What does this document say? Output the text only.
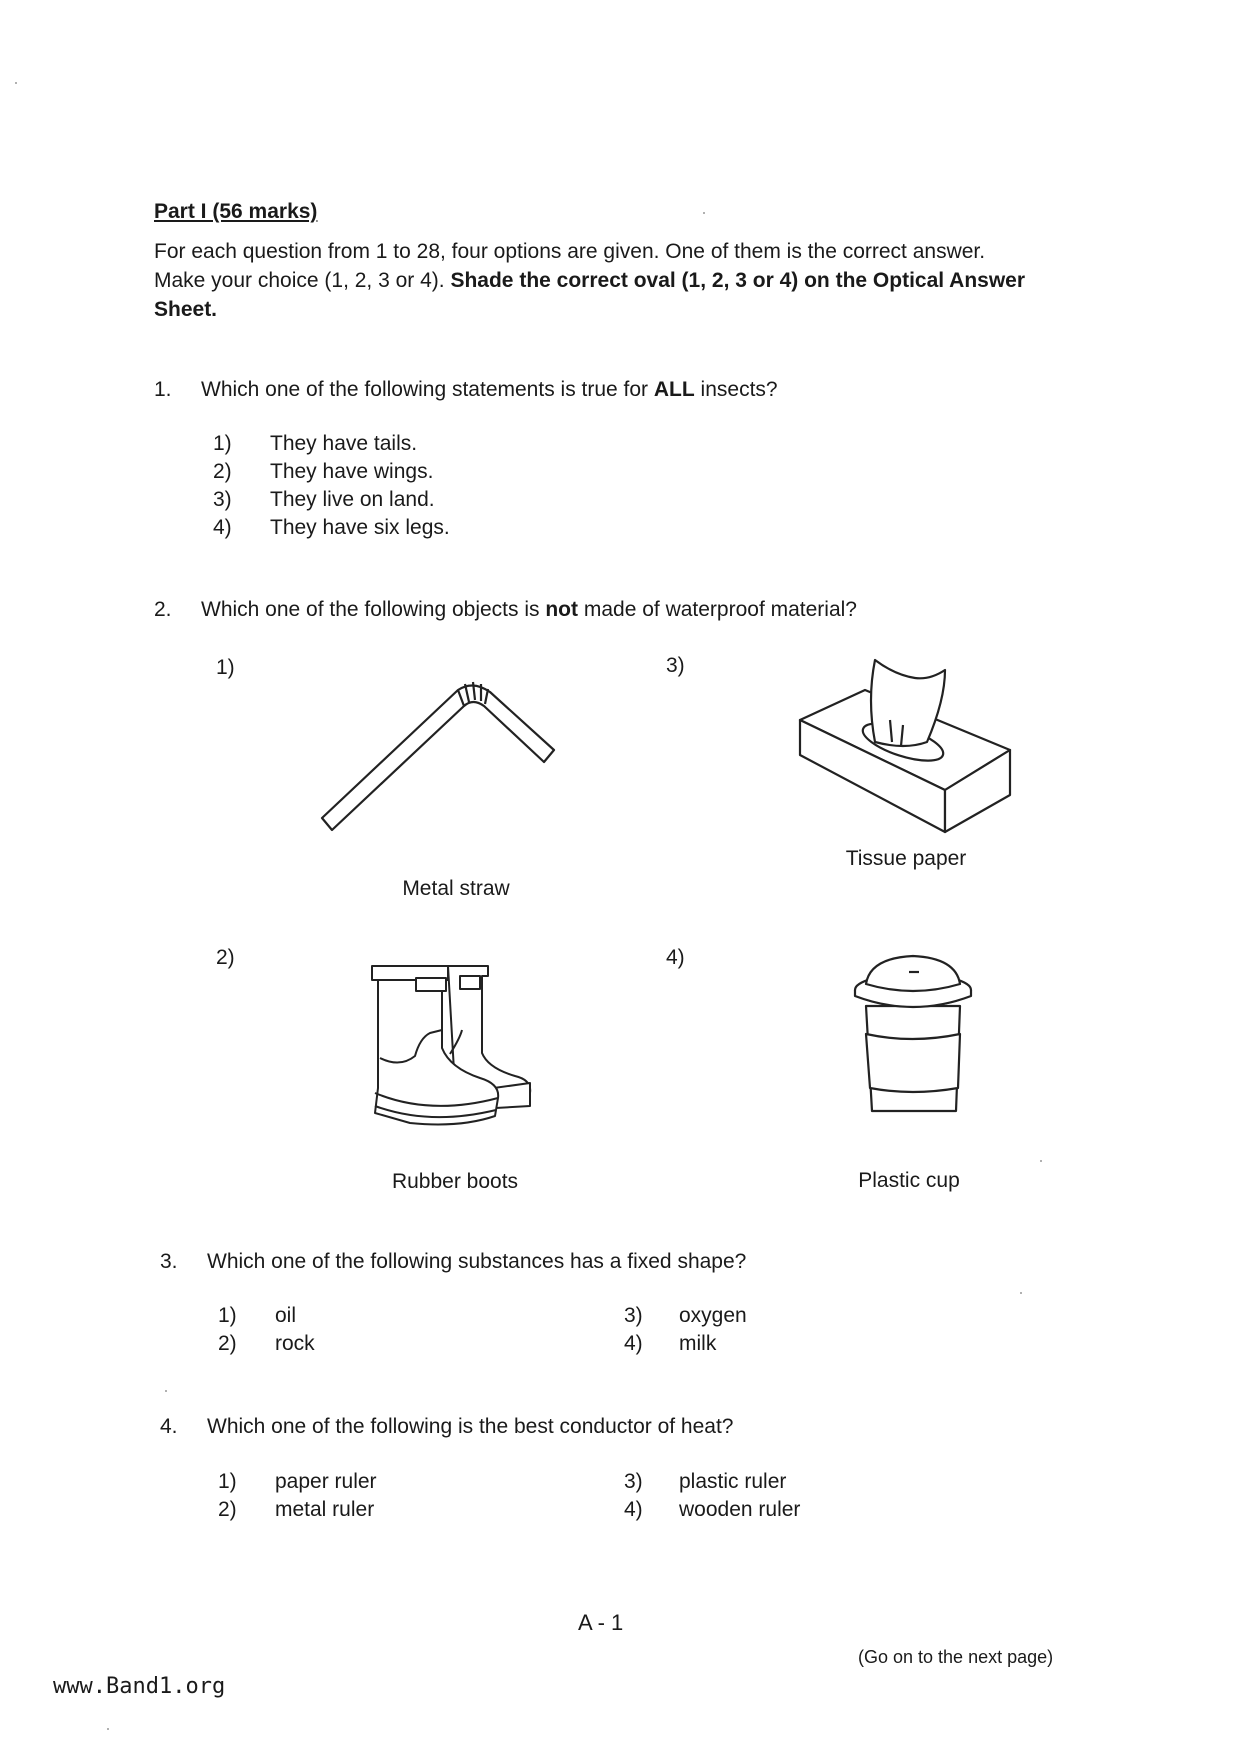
Part I (56 marks)
For each question from 1 to 28, four options are given. One of them is the correct answer. Make your choice (1, 2, 3 or 4). Shade the correct oval (1, 2, 3 or 4) on the Optical Answer Sheet.
1. Which one of the following statements is true for ALL insects?
1) They have tails.
2) They have wings.
3) They live on land.
4) They have six legs.
2. Which one of the following objects is not made of waterproof material?
1)
Metal straw
3)
Tissue paper
2)
Rubber boots
4)
Plastic cup
3. Which one of the following substances has a fixed shape?
1) oil
2) rock
3) oxygen
4) milk
4. Which one of the following is the best conductor of heat?
1) paper ruler
2) metal ruler
3) plastic ruler
4) wooden ruler
A - 1
(Go on to the next page)
www.Band1.org
